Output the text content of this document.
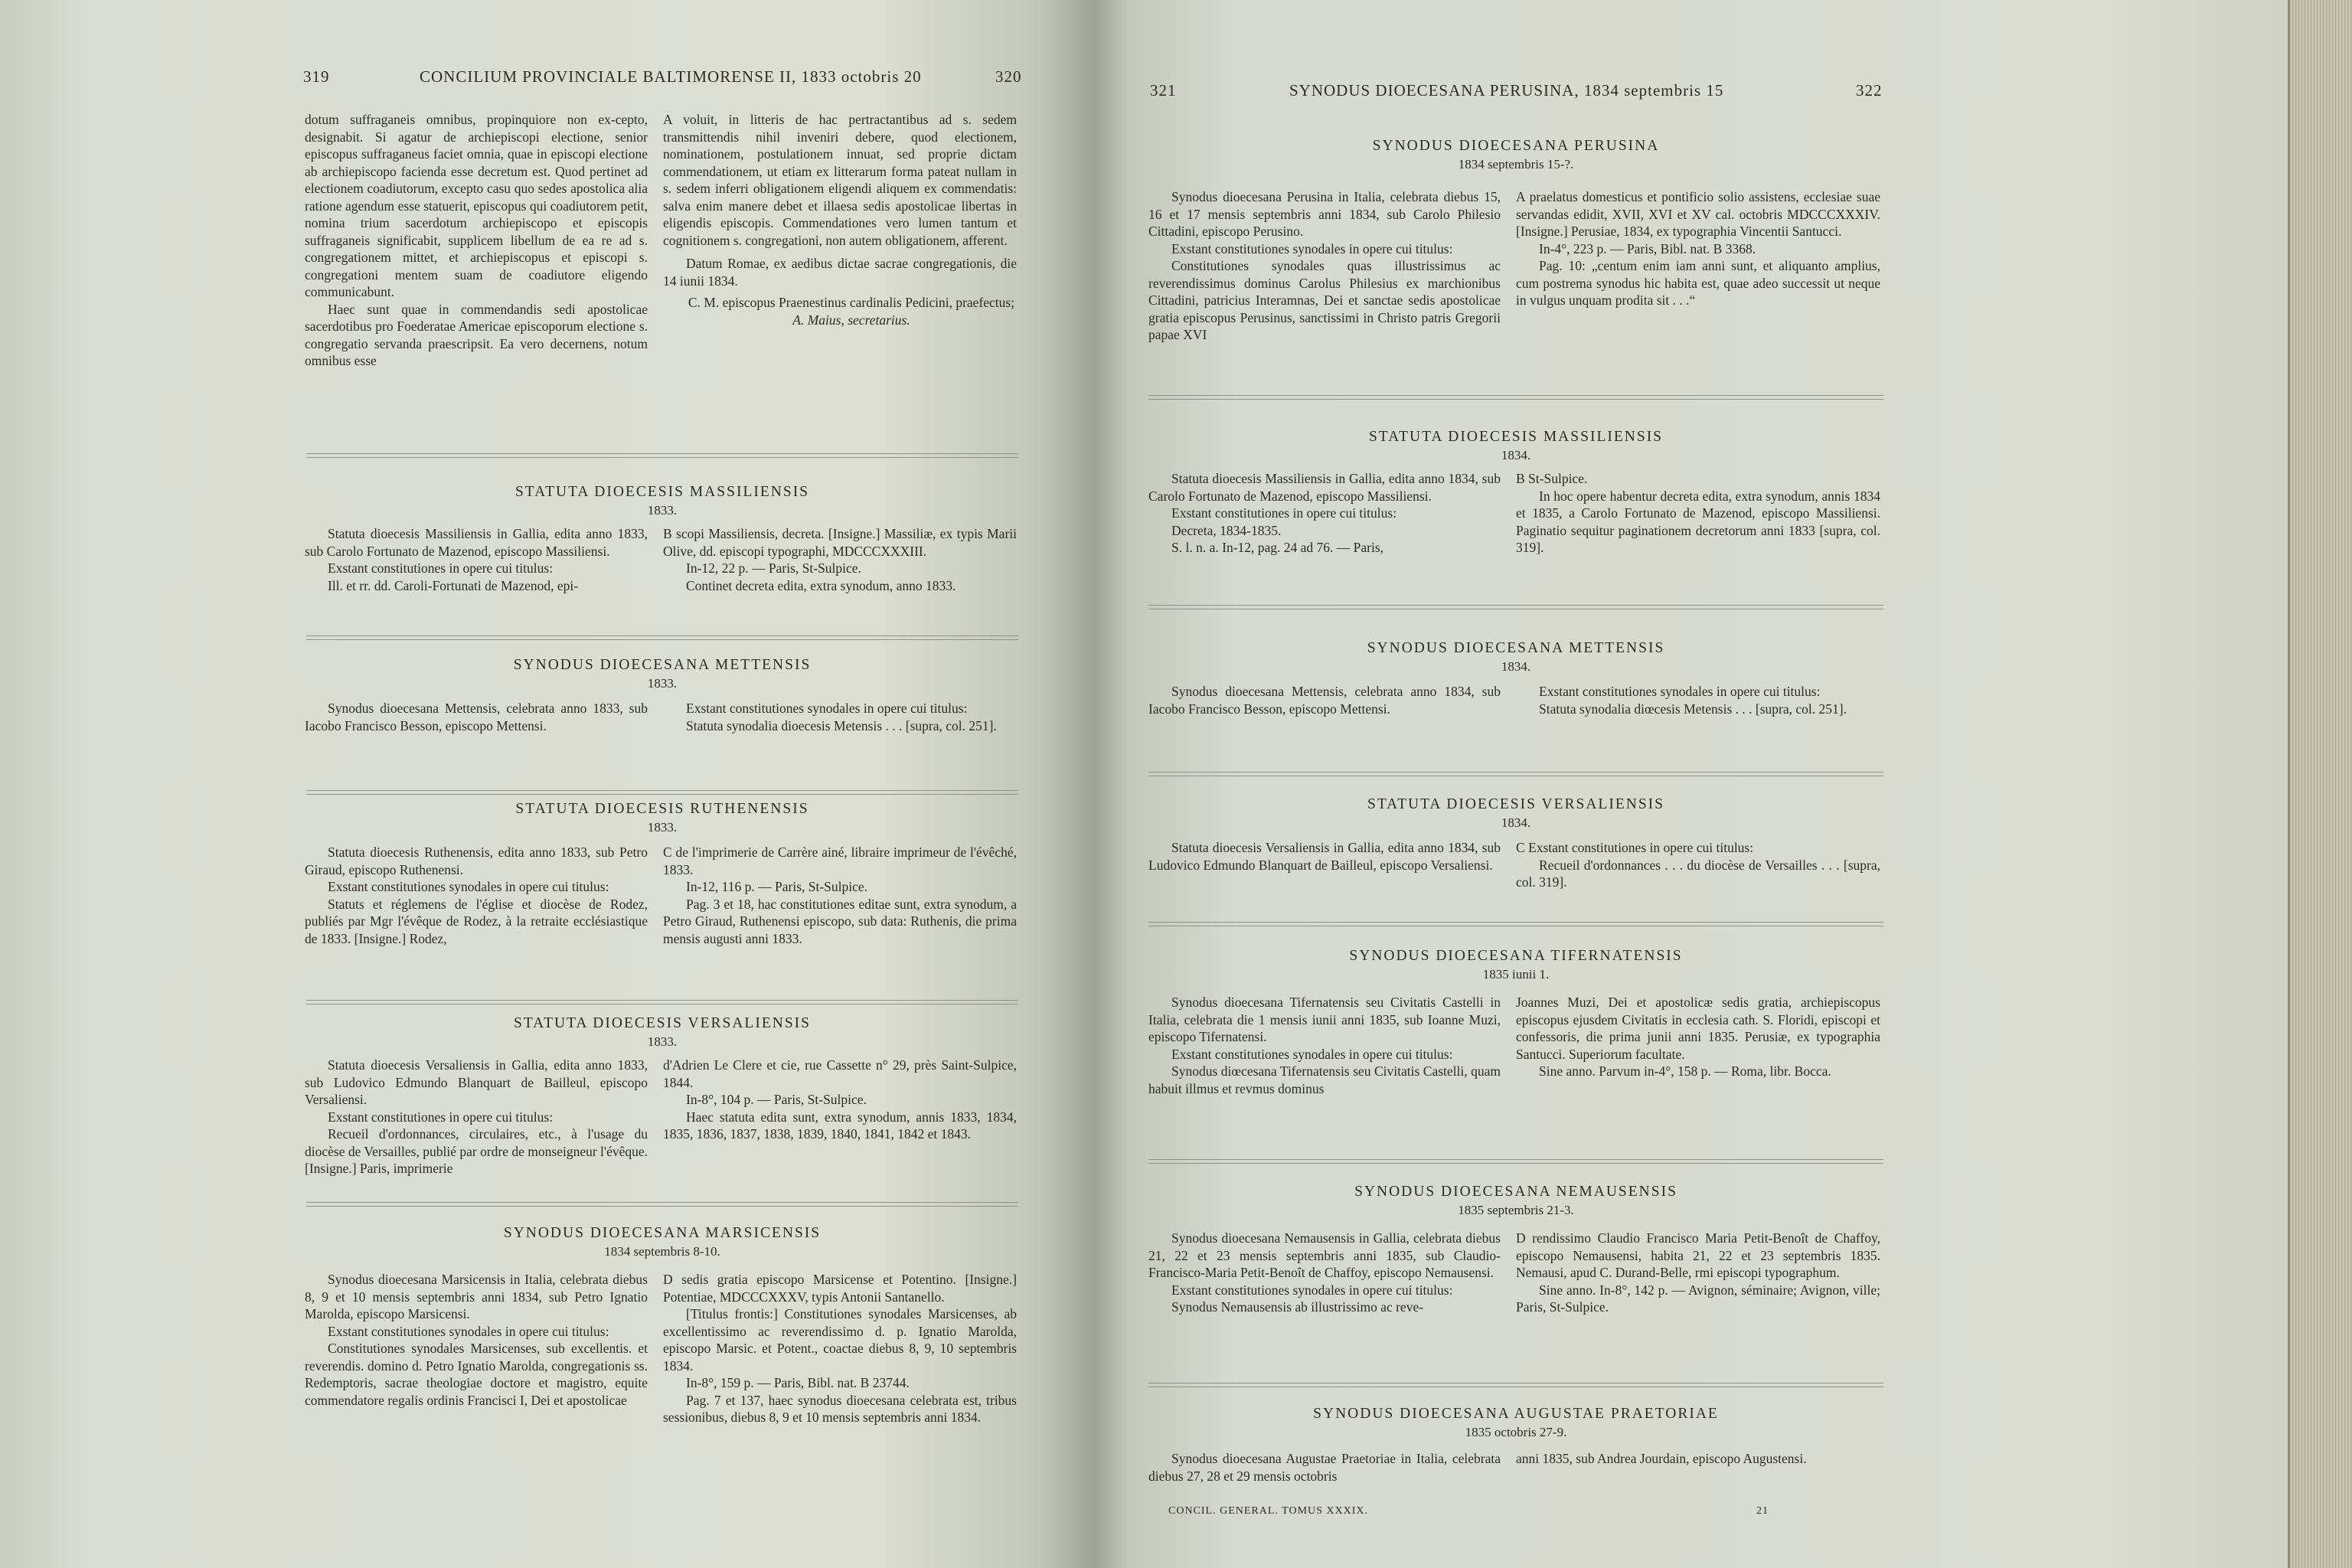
319	CONCILIUM PROVINCIALE BALTIMORENSE II, 1833 octobris 20	320

dotum suffraganeis omnibus, propinquiore non ex-cepto, designabit. Si agatur de archiepiscopi electione, senior episcopus suffraganeus faciet omnia, quae in episcopi electione ab archiepiscopo facienda esse decretum est. Quod pertinet ad electionem coadiutorum, excepto casu quo sedes apostolica alia ratione agendum esse statuerit, episcopus qui coadiutorem petit, nomina trium sacerdotum archiepiscopo et episcopis suffraganeis significabit, supplicem libellum de ea re ad s. congregationem mittet, et archiepiscopus et episcopi s. congregationi mentem suam de coadiutore eligendo communicabunt.

Haec sunt quae in commendandis sedi apostolicae sacerdotibus pro Foederatae Americae episcoporum electione s. congregatio servanda praescripsit. Ea vero decernens, notum omnibus esse

A voluit, in litteris de hac pertractantibus ad s. sedem transmittendis nihil inveniri debere, quod electionem, nominationem, postulationem innuat, sed proprie dictam commendationem, ut etiam ex litterarum forma pateat nullam in s. sedem inferri obligationem eligendi aliquem ex commendatis: salva enim manere debet et illaesa sedis apostolicae libertas in eligendis episcopis. Commendationes vero lumen tantum et cognitionem s. congregationi, non autem obligationem, afferent.

Datum Romae, ex aedibus dictae sacrae congregationis, die 14 iunii 1834.

C. M. episcopus Praenestinus cardinalis Pedicini, praefectus;

A. Maius, secretarius.

STATUTA DIOECESIS MASSILIENSIS
1833.

Statuta dioecesis Massiliensis in Gallia, edita anno 1833, sub Carolo Fortunato de Mazenod, episcopo Massiliensi.

Exstant constitutiones in opere cui titulus:

Ill. et rr. dd. Caroli-Fortunati de Mazenod, epi-

B scopi Massiliensis, decreta. [Insigne.] Massiliæ, ex typis Marii Olive, dd. episcopi typographi, MDCCCXXXIII.

In-12, 22 p. — Paris, St-Sulpice.

Continet decreta edita, extra synodum, anno 1833.

SYNODUS DIOECESANA METTENSIS
1833.

Synodus dioecesana Mettensis, celebrata anno 1833, sub Iacobo Francisco Besson, episcopo Mettensi.

Exstant constitutiones synodales in opere cui titulus:

Statuta synodalia dioecesis Metensis . . . [supra, col. 251].

STATUTA DIOECESIS RUTHENENSIS
1833.

Statuta dioecesis Ruthenensis, edita anno 1833, sub Petro Giraud, episcopo Ruthenensi.

Exstant constitutiones synodales in opere cui titulus:

Statuts et réglemens de l'église et diocèse de Rodez, publiés par Mgr l'évêque de Rodez, à la retraite ecclésiastique de 1833. [Insigne.] Rodez,

C de l'imprimerie de Carrère ainé, libraire imprimeur de l'évêché, 1833.

In-12, 116 p. — Paris, St-Sulpice.

Pag. 3 et 18, hac constitutiones editae sunt, extra synodum, a Petro Giraud, Ruthenensi episcopo, sub data: Ruthenis, die prima mensis augusti anni 1833.

STATUTA DIOECESIS VERSALIENSIS
1833.

Statuta dioecesis Versaliensis in Gallia, edita anno 1833, sub Ludovico Edmundo Blanquart de Bailleul, episcopo Versaliensi.

Exstant constitutiones in opere cui titulus:

Recueil d'ordonnances, circulaires, etc., à l'usage du diocèse de Versailles, publié par ordre de monseigneur l'évêque. [Insigne.] Paris, imprimerie

d'Adrien Le Clere et cie, rue Cassette n° 29, près Saint-Sulpice, 1844.

In-8°, 104 p. — Paris, St-Sulpice.

Haec statuta edita sunt, extra synodum, annis 1833, 1834, 1835, 1836, 1837, 1838, 1839, 1840, 1841, 1842 et 1843.

SYNODUS DIOECESANA MARSICENSIS
1834 septembris 8-10.

Synodus dioecesana Marsicensis in Italia, celebrata diebus 8, 9 et 10 mensis septembris anni 1834, sub Petro Ignatio Marolda, episcopo Marsicensi.

Exstant constitutiones synodales in opere cui titulus:

Constitutiones synodales Marsicenses, sub excellentis. et reverendis. domino d. Petro Ignatio Marolda, congregationis ss. Redemptoris, sacrae theologiae doctore et magistro, equite commendatore regalis ordinis Francisci I, Dei et apostolicae

D sedis gratia episcopo Marsicense et Potentino. [Insigne.] Potentiae, MDCCCXXXV, typis Antonii Santanello.

[Titulus frontis:] Constitutiones synodales Marsicenses, ab excellentissimo ac reverendissimo d. p. Ignatio Marolda, episcopo Marsic. et Potent., coactae diebus 8, 9, 10 septembris 1834.

In-8°, 159 p. — Paris, Bibl. nat. B 23744.

Pag. 7 et 137, haec synodus dioecesana celebrata est, tribus sessionibus, diebus 8, 9 et 10 mensis septembris anni 1834.

321	SYNODUS DIOECESANA PERUSINA, 1834 septembris 15	322
SYNODUS DIOECESANA PERUSINA
1834 septembris 15-?.

Synodus dioecesana Perusina in Italia, celebrata diebus 15, 16 et 17 mensis septembris anni 1834, sub Carolo Philesio Cittadini, episcopo Perusino.

Exstant constitutiones synodales in opere cui titulus:

Constitutiones synodales quas illustrissimus ac reverendissimus dominus Carolus Philesius ex marchionibus Cittadini, patricius Interamnas, Dei et sanctae sedis apostolicae gratia episcopus Perusinus, sanctissimi in Christo patris Gregorii papae XVI

A praelatus domesticus et pontificio solio assistens, ecclesiae suae servandas edidit, XVII, XVI et XV cal. octobris MDCCCXXXIV. [Insigne.] Perusiae, 1834, ex typographia Vincentii Santucci.

In-4°, 223 p. — Paris, Bibl. nat. B 3368.

Pag. 10: „centum enim iam anni sunt, et aliquanto amplius, cum postrema synodus hic habita est, quae adeo successit ut neque in vulgus unquam prodita sit . . .“

STATUTA DIOECESIS MASSILIENSIS
1834.

Statuta dioecesis Massiliensis in Gallia, edita anno 1834, sub Carolo Fortunato de Mazenod, episcopo Massiliensi.

Exstant constitutiones in opere cui titulus:

Decreta, 1834-1835.

S. l. n. a. In-12, pag. 24 ad 76. — Paris,

B St-Sulpice.

In hoc opere habentur decreta edita, extra synodum, annis 1834 et 1835, a Carolo Fortunato de Mazenod, episcopo Massiliensi. Paginatio sequitur paginationem decretorum anni 1833 [supra, col. 319].

SYNODUS DIOECESANA METTENSIS
1834.

Synodus dioecesana Mettensis, celebrata anno 1834, sub Iacobo Francisco Besson, episcopo Mettensi.

Exstant constitutiones synodales in opere cui titulus:

Statuta synodalia diœcesis Metensis . . . [supra, col. 251].

STATUTA DIOECESIS VERSALIENSIS
1834.

Statuta dioecesis Versaliensis in Gallia, edita anno 1834, sub Ludovico Edmundo Blanquart de Bailleul, episcopo Versaliensi.

C Exstant constitutiones in opere cui titulus:

Recueil d'ordonnances . . . du diocèse de Versailles . . . [supra, col. 319].

SYNODUS DIOECESANA TIFERNATENSIS
1835 iunii 1.

Synodus dioecesana Tifernatensis seu Civitatis Castelli in Italia, celebrata die 1 mensis iunii anni 1835, sub Ioanne Muzi, episcopo Tifernatensi.

Exstant constitutiones synodales in opere cui titulus:

Synodus diœcesana Tifernatensis seu Civitatis Castelli, quam habuit illmus et revmus dominus

Joannes Muzi, Dei et apostolicæ sedis gratia, archiepiscopus episcopus ejusdem Civitatis in ecclesia cath. S. Floridi, episcopi et confessoris, die prima junii anni 1835. Perusiæ, ex typographia Santucci. Superiorum facultate.

Sine anno. Parvum in-4°, 158 p. — Roma, libr. Bocca.

SYNODUS DIOECESANA NEMAUSENSIS
1835 septembris 21-3.

Synodus dioecesana Nemausensis in Gallia, celebrata diebus 21, 22 et 23 mensis septembris anni 1835, sub Claudio-Francisco-Maria Petit-Benoît de Chaffoy, episcopo Nemausensi.

Exstant constitutiones synodales in opere cui titulus:

Synodus Nemausensis ab illustrissimo ac reve-

D rendissimo Claudio Francisco Maria Petit-Benoît de Chaffoy, episcopo Nemausensi, habita 21, 22 et 23 septembris 1835. Nemausi, apud C. Durand-Belle, rmi episcopi typographum.

Sine anno. In-8°, 142 p. — Avignon, séminaire; Avignon, ville; Paris, St-Sulpice.

SYNODUS DIOECESANA AUGUSTAE PRAETORIAE
1835 octobris 27-9.

Synodus dioecesana Augustae Praetoriae in Italia, celebrata diebus 27, 28 et 29 mensis octobris

anni 1835, sub Andrea Jourdain, episcopo Augustensi.

CONCIL. GENERAL. TOMUS XXXIX.	21
